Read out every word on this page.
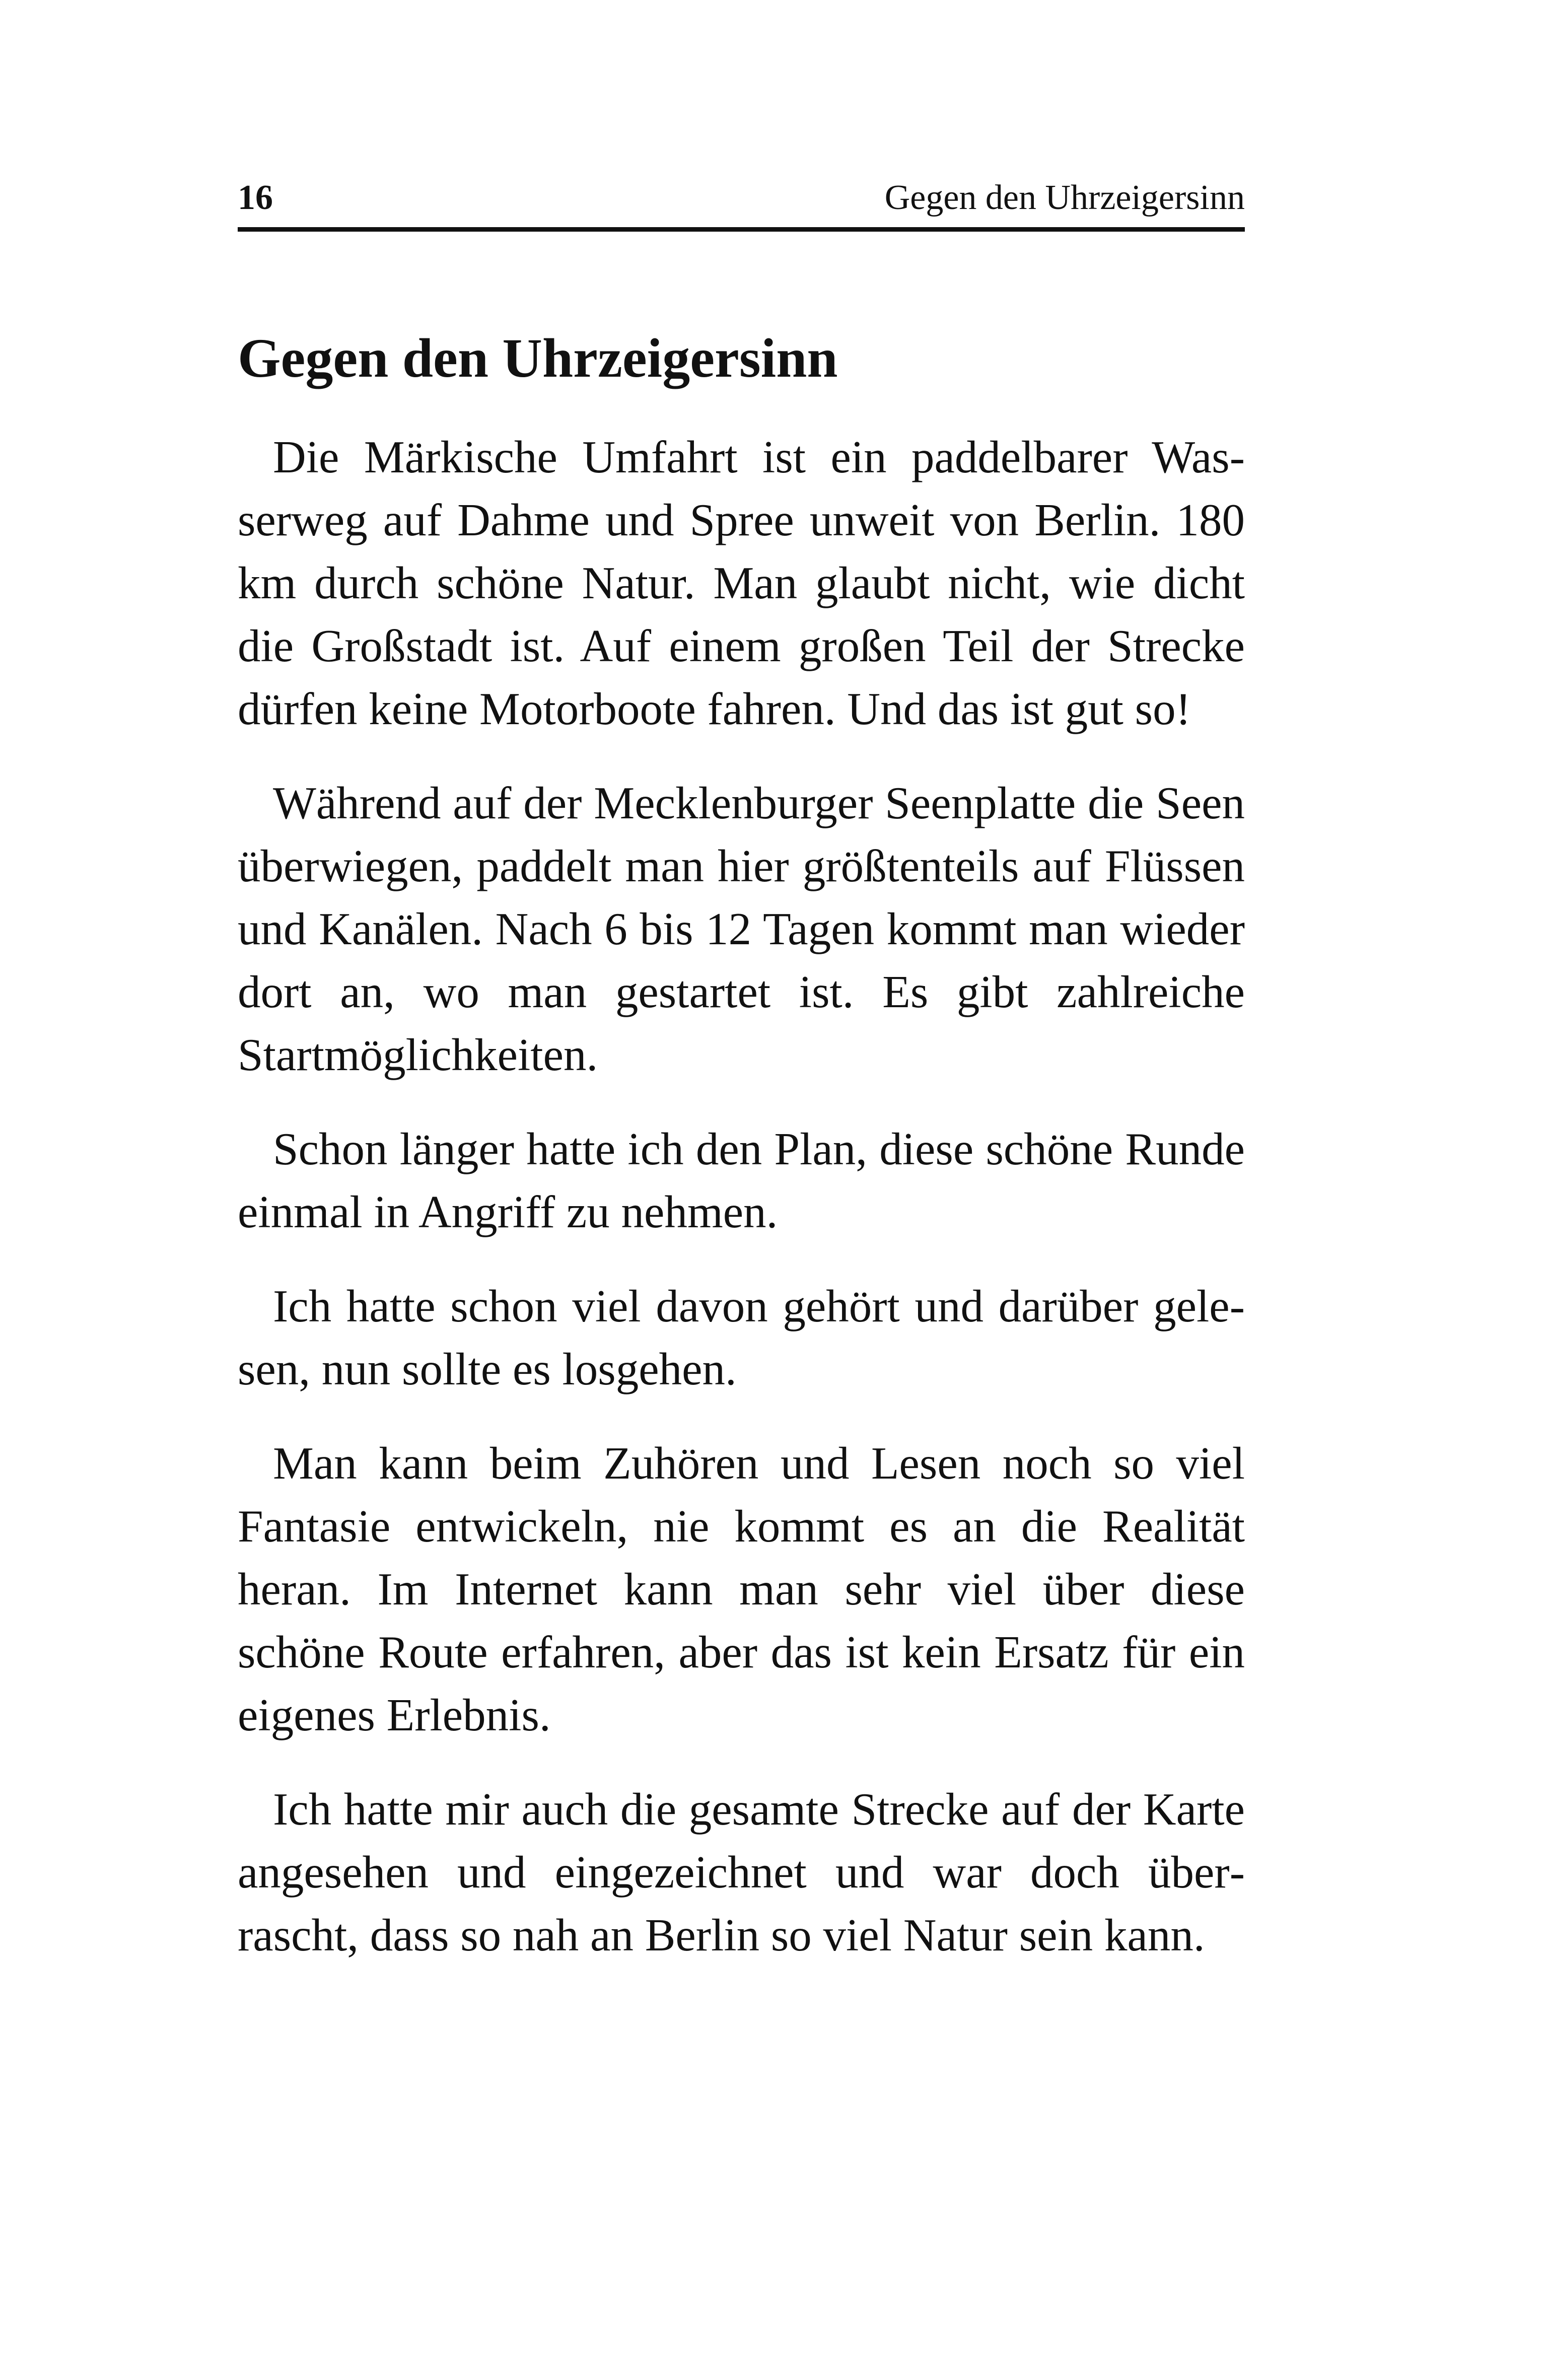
16	Gegen den Uhrzeigersinn
Gegen den Uhrzeigersinn

Die Märkische Umfahrt ist ein paddelbarer Wasserweg auf Dahme und Spree unweit von Berlin. 180 km durch schöne Natur. Man glaubt nicht, wie dicht die Großstadt ist. Auf einem großen Teil der Strecke dürfen keine Motorboote fahren. Und das ist gut so!

Während auf der Mecklenburger Seenplatte die Seen überwiegen, paddelt man hier größtenteils auf Flüssen und Kanälen. Nach 6 bis 12 Tagen kommt man wieder dort an, wo man gestartet ist. Es gibt zahlreiche Startmöglichkeiten.

Schon länger hatte ich den Plan, diese schöne Runde einmal in Angriff zu nehmen.

Ich hatte schon viel davon gehört und darüber gelesen, nun sollte es losgehen.

Man kann beim Zuhören und Lesen noch so viel Fantasie entwickeln, nie kommt es an die Realität heran. Im Internet kann man sehr viel über diese schöne Route erfahren, aber das ist kein Ersatz für ein eigenes Erlebnis.

Ich hatte mir auch die gesamte Strecke auf der Karte angesehen und eingezeichnet und war doch überrascht, dass so nah an Berlin so viel Natur sein kann.
